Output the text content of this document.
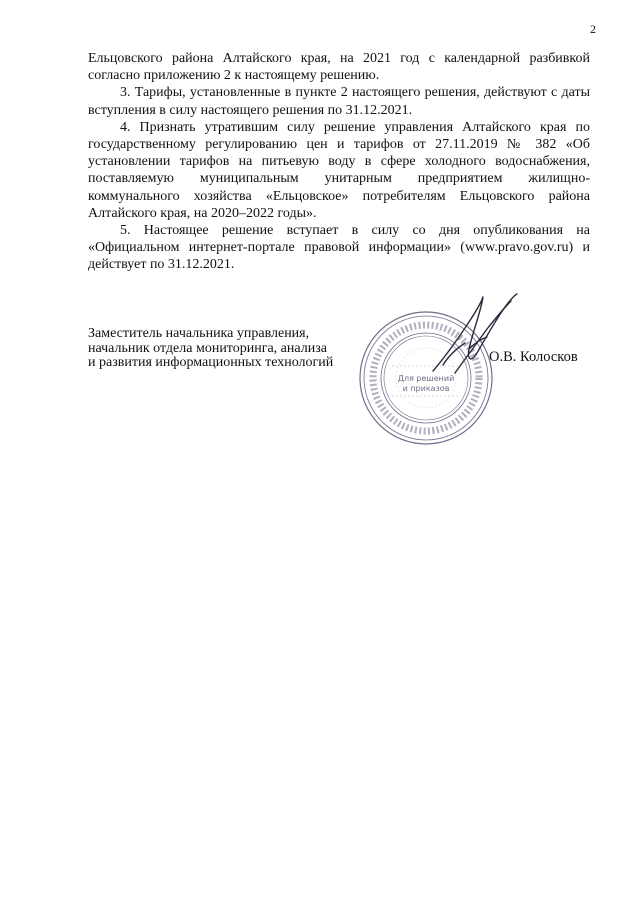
2

Ельцовского района Алтайского края, на 2021 год с календарной разбивкой согласно приложению 2 к настоящему решению.

3. Тарифы, установленные в пункте 2 настоящего решения, действуют с даты вступления в силу настоящего решения по 31.12.2021.

4. Признать утратившим силу решение управления Алтайского края по государственному регулированию цен и тарифов от 27.11.2019 № 382 «Об установлении тарифов на питьевую воду в сфере холодного водоснабжения, поставляемую муниципальным унитарным предприятием жилищно-коммунального хозяйства «Ельцовское» потребителям Ельцовского района Алтайского края, на 2020–2022 годы».

5. Настоящее решение вступает в силу со дня опубликования на «Официальном интернет-портале правовой информации» (www.pravo.gov.ru) и действует по 31.12.2021.

Заместитель начальника управления,
начальник отдела мониторинга, анализа
и развития информационных технологий
Для решений
и приказов
О.В. Колосков
